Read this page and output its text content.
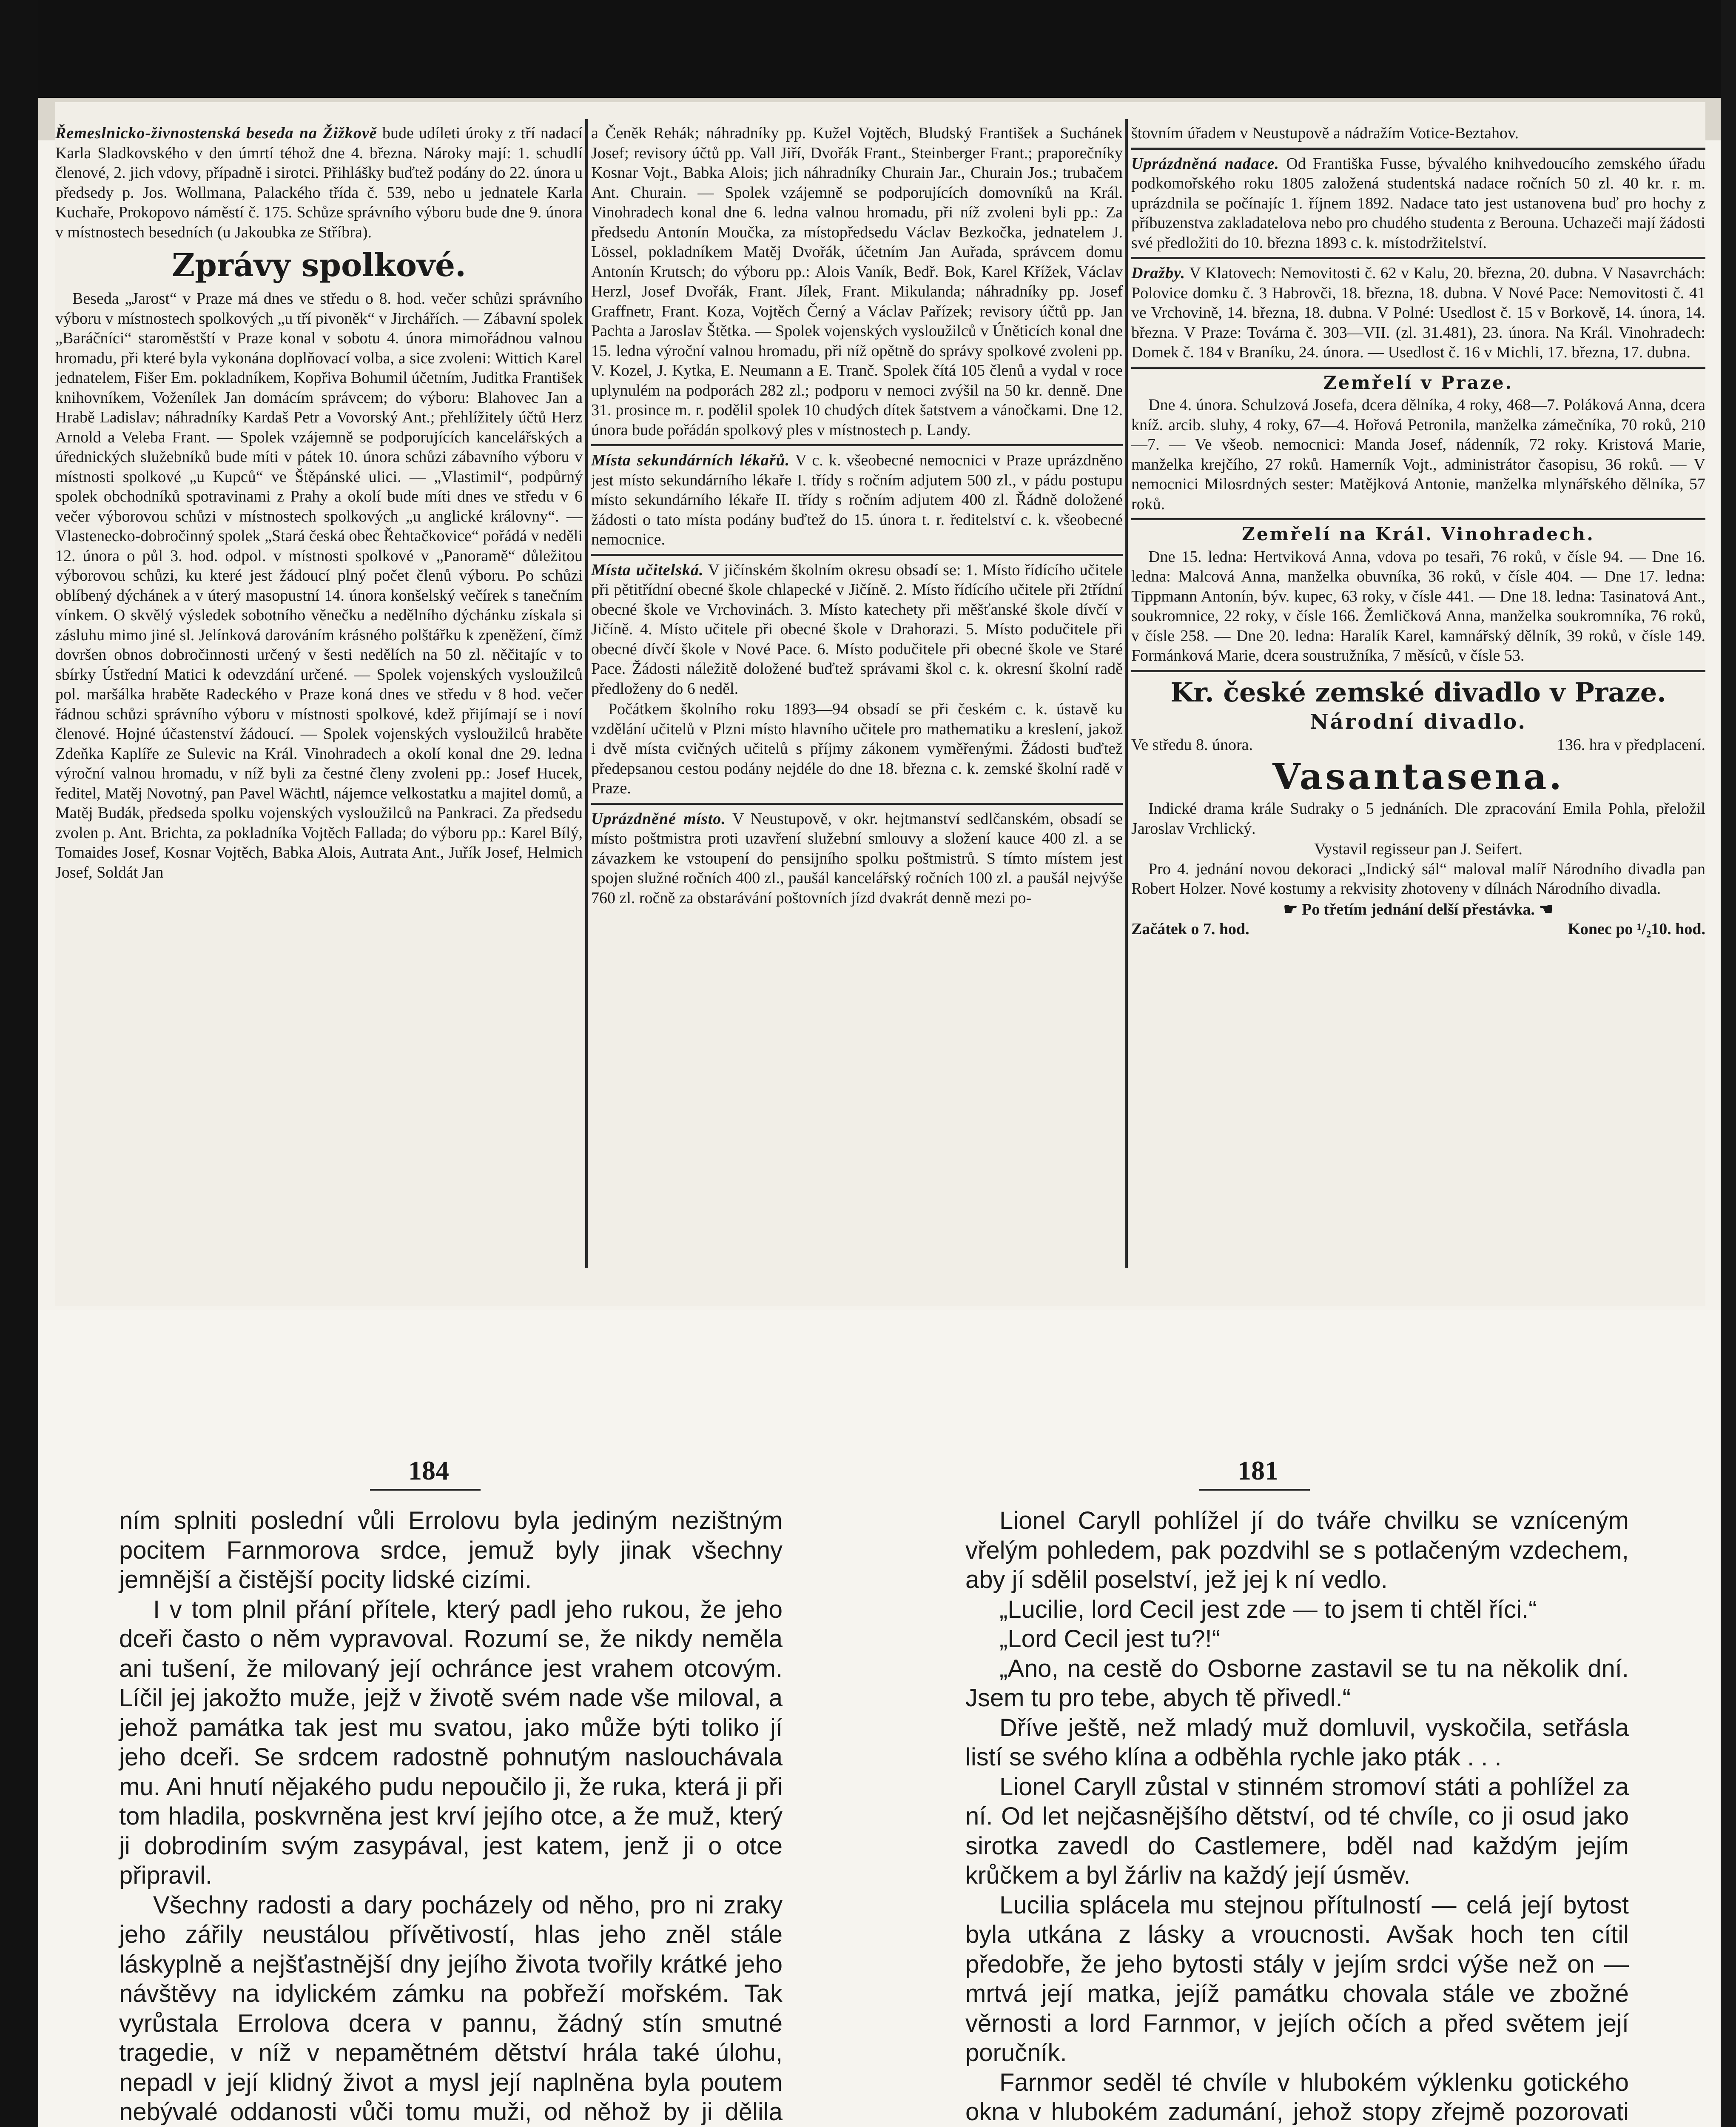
Řemeslnicko-živnostenská beseda na Žižkově bude udíleti úroky z tří nadací Karla Sladkovského v den úmrtí téhož dne 4. března. Nároky mají: 1. schudlí členové, 2. jich vdovy, případně i sirotci. Přihlášky buďtež podány do 22. února u předsedy p. Jos. Wollmana, Palackého třída č. 539, nebo u jednatele Karla Kuchaře, Prokopovo náměstí č. 175. Schůze správního výboru bude dne 9. února v místnostech besedních (u Jakoubka ze Stříbra).

Zprávy spolkové.

Beseda „Jarost“ v Praze má dnes ve středu o 8. hod. večer schůzi správního výboru v místnostech spolkových „u tří pivoněk“ v Jirchářích. — Zábavní spolek „Baráčníci“ staroměstští v Praze konal v sobotu 4. února mimořádnou valnou hromadu, při které byla vykonána doplňovací volba, a sice zvoleni: Wittich Karel jednatelem, Fišer Em. pokladníkem, Kopřiva Bohumil účetním, Juditka František knihovníkem, Voženílek Jan domácím správcem; do výboru: Blahovec Jan a Hrabě Ladislav; náhradníky Kardaš Petr a Vovorský Ant.; přehlížitely účtů Herz Arnold a Veleba Frant. — Spolek vzájemně se podporujících kancelářských a úřednických služebníků bude míti v pátek 10. února schůzi zábavního výboru v místnosti spolkové „u Kupců“ ve Štěpánské ulici. — „Vlastimil“, podpůrný spolek obchodníků spotravinami z Prahy a okolí bude míti dnes ve středu v 6 večer výborovou schůzi v místnostech spolkových „u anglické královny“. — Vlastenecko-dobročinný spolek „Stará česká obec Řehtačkovice“ pořádá v neděli 12. února o půl 3. hod. odpol. v místnosti spolkové v „Panoramě“ důležitou výborovou schůzi, ku které jest žádoucí plný počet členů výboru. Po schůzi oblíbený dýchánek a v úterý masopustní 14. února konšelský večírek s tanečním vínkem. O skvělý výsledek sobotního věnečku a nedělního dýchánku získala si zásluhu mimo jiné sl. Jelínková darováním krásného polštářku k zpeněžení, čímž dovršen obnos dobročinnosti určený v šesti nedělích na 50 zl. něčitajíc v to sbírky Ústřední Matici k odevzdání určené. — Spolek vojenských vysloužilců pol. maršálka hraběte Radeckého v Praze koná dnes ve středu v 8 hod. večer řádnou schůzi správního výboru v místnosti spolkové, kdež přijímají se i noví členové. Hojné účastenství žádoucí. — Spolek vojenských vysloužilců hraběte Zdeňka Kaplíře ze Sulevic na Král. Vinohradech a okolí konal dne 29. ledna výroční valnou hromadu, v níž byli za čestné členy zvoleni pp.: Josef Hucek, ředitel, Matěj Novotný, pan Pavel Wächtl, nájemce velkostatku a majitel domů, a Matěj Budák, předseda spolku vojenských vysloužilců na Pankraci. Za předsedu zvolen p. Ant. Brichta, za pokladníka Vojtěch Fallada; do výboru pp.: Karel Bílý, Tomaides Josef, Kosnar Vojtěch, Babka Alois, Autrata Ant., Juřík Josef, Helmich Josef, Soldát Jan

a Čeněk Rehák; náhradníky pp. Kužel Vojtěch, Bludský František a Suchánek Josef; revisory účtů pp. Vall Jiří, Dvořák Frant., Steinberger Frant.; praporečníky Kosnar Vojt., Babka Alois; jich náhradníky Churain Jar., Churain Jos.; trubačem Ant. Churain. — Spolek vzájemně se podporujících domovníků na Král. Vinohradech konal dne 6. ledna valnou hromadu, při níž zvoleni byli pp.: Za předsedu Antonín Moučka, za místopředsedu Václav Bezkočka, jednatelem J. Lössel, pokladníkem Matěj Dvořák, účetním Jan Auřada, správcem domu Antonín Krutsch; do výboru pp.: Alois Vaník, Bedř. Bok, Karel Křížek, Václav Herzl, Josef Dvořák, Frant. Jílek, Frant. Mikulanda; náhradníky pp. Josef Graffnetr, Frant. Koza, Vojtěch Černý a Václav Pařízek; revisory účtů pp. Jan Pachta a Jaroslav Štětka. — Spolek vojenských vysloužilců v Úněticích konal dne 15. ledna výroční valnou hromadu, při níž opětně do správy spolkové zvoleni pp. V. Kozel, J. Kytka, E. Neumann a E. Tranč. Spolek čítá 105 členů a vydal v roce uplynulém na podporách 282 zl.; podporu v nemoci zvýšil na 50 kr. denně. Dne 31. prosince m. r. podělil spolek 10 chudých dítek šatstvem a vánočkami. Dne 12. února bude pořádán spolkový ples v místnostech p. Landy.

Místa sekundárních lékařů. V c. k. všeobecné nemocnici v Praze uprázdněno jest místo sekundárního lékaře I. třídy s ročním adjutem 500 zl., v pádu postupu místo sekundárního lékaře II. třídy s ročním adjutem 400 zl. Řádně doložené žádosti o tato místa podány buďtež do 15. února t. r. ředitelství c. k. všeobecné nemocnice.

Místa učitelská. V jičínském školním okresu obsadí se: 1. Místo řídícího učitele při pětitřídní obecné škole chlapecké v Jičíně. 2. Místo řídícího učitele při 2třídní obecné škole ve Vrchovinách. 3. Místo katechety při měšťanské škole dívčí v Jičíně. 4. Místo učitele při obecné škole v Drahorazi. 5. Místo podučitele při obecné dívčí škole v Nové Pace. 6. Místo podučitele při obecné škole ve Staré Pace. Žádosti náležitě doložené buďtež správami škol c. k. okresní školní radě předloženy do 6 neděl.

Počátkem školního roku 1893—94 obsadí se při českém c. k. ústavě ku vzdělání učitelů v Plzni místo hlavního učitele pro mathematiku a kreslení, jakož i dvě místa cvičných učitelů s příjmy zákonem vyměřenými. Žádosti buďtež předepsanou cestou podány nejdéle do dne 18. března c. k. zemské školní radě v Praze.

Uprázdněné místo. V Neustupově, v okr. hejtmanství sedlčanském, obsadí se místo poštmistra proti uzavření služební smlouvy a složení kauce 400 zl. a se závazkem ke vstoupení do pensijního spolku poštmistrů. S tímto místem jest spojen služné ročních 400 zl., paušál kancelářský ročních 100 zl. a paušál nejvýše 760 zl. ročně za obstarávání poštovních jízd dvakrát denně mezi po-

štovním úřadem v Neustupově a nádražím Votice-Beztahov.

Uprázdněná nadace. Od Františka Fusse, bývalého knihvedoucího zemského úřadu podkomořského roku 1805 založená studentská nadace ročních 50 zl. 40 kr. r. m. uprázdnila se počínajíc 1. říjnem 1892. Nadace tato jest ustanovena buď pro hochy z příbuzenstva zakladatelova nebo pro chudého studenta z Berouna. Uchazeči mají žádosti své předložiti do 10. března 1893 c. k. místodržitelství.

Dražby. V Klatovech: Nemovitosti č. 62 v Kalu, 20. března, 20. dubna. V Nasavrchách: Polovice domku č. 3 Habrovči, 18. března, 18. dubna. V Nové Pace: Nemovitosti č. 41 ve Vrchovině, 14. března, 18. dubna. V Polné: Usedlost č. 15 v Borkově, 14. února, 14. března. V Praze: Továrna č. 303—VII. (zl. 31.481), 23. února. Na Král. Vinohradech: Domek č. 184 v Braníku, 24. února. — Usedlost č. 16 v Michli, 17. března, 17. dubna.

Zemřelí v Praze.

Dne 4. února. Schulzová Josefa, dcera dělníka, 4 roky, 468—7. Poláková Anna, dcera kníž. arcib. sluhy, 4 roky, 67—4. Hořová Petronila, manželka zámečníka, 70 roků, 210—7. — Ve všeob. nemocnici: Manda Josef, nádenník, 72 roky. Kristová Marie, manželka krejčího, 27 roků. Hamerník Vojt., administrátor časopisu, 36 roků. — V nemocnici Milosrdných sester: Matějková Antonie, manželka mlynářského dělníka, 57 roků.

Zemřelí na Král. Vinohradech.

Dne 15. ledna: Hertviková Anna, vdova po tesaři, 76 roků, v čísle 94. — Dne 16. ledna: Malcová Anna, manželka obuvníka, 36 roků, v čísle 404. — Dne 17. ledna: Tippmann Antonín, býv. kupec, 63 roky, v čísle 441. — Dne 18. ledna: Tasinatová Ant., soukromnice, 22 roky, v čísle 166. Žemličková Anna, manželka soukromníka, 76 roků, v čísle 258. — Dne 20. ledna: Haralík Karel, kamnářský dělník, 39 roků, v čísle 149. Formánková Marie, dcera soustružníka, 7 měsíců, v čísle 53.

Kr. české zemské divadlo v Praze.
Národní divadlo.
Ve středu 8. února.	136. hra v předplacení.
Vasantasena.

Indické drama krále Sudraky o 5 jednáních. Dle zpracování Emila Pohla, přeložil Jaroslav Vrchlický.

Vystavil regisseur pan J. Seifert.

Pro 4. jednání novou dekoraci „Indický sál“ maloval malíř Národního divadla pan Robert Holzer. Nové kostumy a rekvisity zhotoveny v dílnách Národního divadla.

☛ Po třetím jednání delší přestávka. ☚
Začátek o 7. hod.	Konec po ¹/₂10. hod.
184	181

ním splniti poslední vůli Errolovu byla jediným nezištným pocitem Farnmorova srdce, jemuž byly jinak všechny jemnější a čistější pocity lidské cizími.

I v tom plnil přání přítele, který padl jeho rukou, že jeho dceři často o něm vypravoval. Rozumí se, že nikdy neměla ani tušení, že milovaný její ochránce jest vrahem otcovým. Líčil jej jakožto muže, jejž v životě svém nade vše miloval, a jehož památka tak jest mu svatou, jako může býti toliko jí jeho dceři. Se srdcem radostně pohnutým naslouchávala mu. Ani hnutí nějakého pudu nepoučilo ji, že ruka, která ji při tom hladila, poskvrněna jest krví jejího otce, a že muž, který ji dobrodiním svým zasypával, jest katem, jenž ji o otce připravil.

Všechny radosti a dary pocházely od něho, pro ni zraky jeho zářily neustálou přívětivostí, hlas jeho zněl stále láskyplně a nejšťastnější dny jejího života tvořily krátké jeho návštěvy na idylickém zámku na pobřeží mořském. Tak vyrůstala Errolova dcera v pannu, žádný stín smutné tragedie, v níž v nepamětném dětství hrála také úlohu, nepadl v její klidný život a mysl její naplněna byla poutem nebývalé oddanosti vůči tomu muži, od něhož by ji dělila

Lionel Caryll pohlížel jí do tváře chvilku se vzníceným vřelým pohledem, pak pozdvihl se s potlačeným vzdechem, aby jí sdělil poselství, jež jej k ní vedlo.

„Lucilie, lord Cecil jest zde — to jsem ti chtěl říci.“

„Lord Cecil jest tu?!“

„Ano, na cestě do Osborne zastavil se tu na několik dní. Jsem tu pro tebe, abych tě přivedl.“

Dříve ještě, než mladý muž domluvil, vyskočila, setřásla listí se svého klína a odběhla rychle jako pták . . .

Lionel Caryll zůstal v stinném stromoví státi a pohlížel za ní. Od let nejčasnějšího dětství, od té chvíle, co ji osud jako sirotka zavedl do Castlemere, bděl nad každým jejím krůčkem a byl žárliv na každý její úsměv.

Lucilia splácela mu stejnou přítulností — celá její bytost byla utkána z lásky a vroucnosti. Avšak hoch ten cítil předobře, že jeho bytosti stály v jejím srdci výše než on — mrtvá její matka, jejíž památku chovala stále ve zbožné věrnosti a lord Farnmor, v jejích očích a před světem její poručník.

Farnmor seděl té chvíle v hlubokém výklenku gotického okna v hlubokém zadumání, jehož stopy zřejmě pozorovati
